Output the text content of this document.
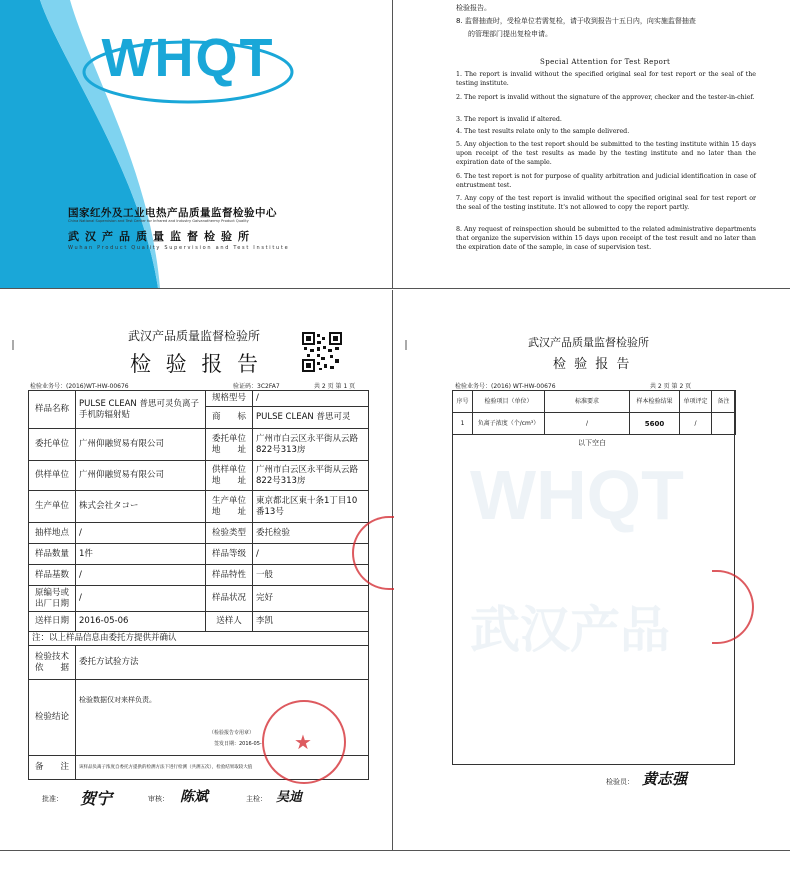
WHQT
国家红外及工业电热产品质量监督检验中心
China National Supervision and Test Center for Infrared and Industry Galvanothermy Product Quality
武汉产品质量监督检验所
Wuhan Product Quality Supervision and Test Institute
检验报告。
8. 监督抽查时，受检单位若需复检，请于收到报告十五日内，向实施监督抽查
的管理部门提出复检申请。
Special Attention for Test Report
1. The report is invalid without the specified original seal for test report or the seal of the testing institute.
2. The report is invalid without the signature of the approver, checker and the tester-in-chief.
3. The report is invalid if altered.
4. The test results relate only to the sample delivered.
5. Any objection to the test report should be submitted to the testing institute within 15 days upon receipt of the test results as made by the testing institute and no later than the expiration date of the sample.
6. The test report is not for purpose of quality arbitration and judicial identification in case of entrustment test.
7. Any copy of the test report is invalid without the specified original seal for test report or the seal of the testing institute. It's not allowed to copy the report partly.
8. Any request of reinspection should be submitted to the related administrative departments that organize the supervision within 15 days upon receipt of the test result and no later than the expiration date of the sample, in case of supervision test.
武汉产品质量监督检验所
检 验 报 告
检验业务号：(2016)WT-HW-00676	验证码：3C2FA7	共 2 页 第 1 页
样品名称	PULSE CLEAN 普思可灵负离子手机防辐射贴	规格型号	/
		商　　标	PULSE CLEAN 普思可灵
委托单位	广州仰融贸易有限公司	委托单位地　　址	广州市白云区永平街从云路822号313房
供样单位	广州仰融贸易有限公司	供样单位地　　址	广州市白云区永平街从云路822号313房
生产单位	株式会社タコー	生产单位地　　址	東京都北区東十条1丁目10番13号
抽样地点	/	检验类型	委托检验
样品数量	1件	样品等级	/
样品基数	/	样品特性	一般
原编号或出厂日期	/	样品状况	完好
送样日期	2016-05-06	送样人	李凯
注：以上样品信息由委托方提供并确认			
检验技术依　　据	委托方试验方法		
检验结论	检验数据仅对来样负责。
（检验报告专用章）
签发日期：2016-05-		

备　　注	该样品负离子浓度自委托方提供的检测方法下进行检测（共测五次），检验结果取较大值		
★
批准： 贺宁	审核： 陈斌	主检： 吴迪
WHQT
武汉产品
武汉产品质量监督检验所
检 验 报 告
检验业务号：(2016) WT-HW-00676	共 2 页 第 2 页
序号	检验项目（单位）	标准要求	样本检验结果	单项评定	备注
1	负离子浓度（个/cm³）	/	5600	/	
以下空白
检验员： 黄志强
